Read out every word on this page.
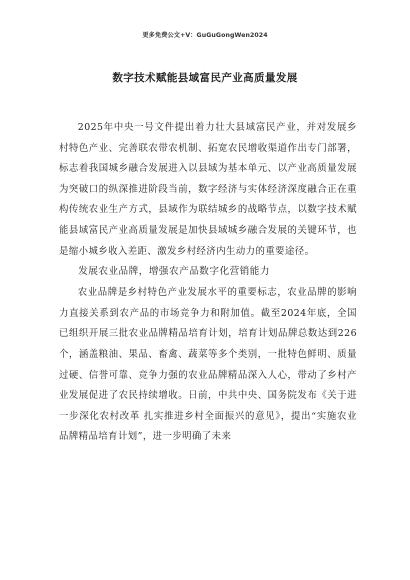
更多免费公文+V：GuGuGongWen2024
数字技术赋能县域富民产业高质量发展

2025年中央一号文件提出着力壮大县域富民产业，并对发展乡村特色产业、完善联农带农机制、拓宽农民增收渠道作出专门部署，标志着我国城乡融合发展进入以县域为基本单元、以产业高质量发展为突破口的纵深推进阶段当前，数字经济与实体经济深度融合正在重构传统农业生产方式，县域作为联结城乡的战略节点，以数字技术赋能县域富民产业高质量发展是加快县域城乡融合发展的关键环节，也是缩小城乡收入差距、激发乡村经济内生动力的重要途径。

发展农业品牌，增强农产品数字化营销能力

农业品牌是乡村特色产业发展水平的重要标志，农业品牌的影响力直接关系到农产品的市场竞争力和附加值。截至2024年底，全国已组织开展三批农业品牌精品培育计划，培育计划品牌总数达到226个，涵盖粮油、果品、畜禽、蔬菜等多个类别，一批特色鲜明、质量过硬、信誉可靠、竞争力强的农业品牌精品深入人心，带动了乡村产业发展促进了农民持续增收。日前，中共中央、国务院发布《关于进一步深化农村改革 扎实推进乡村全面振兴的意见》，提出“实施农业品牌精品培育计划”，进一步明确了未来
